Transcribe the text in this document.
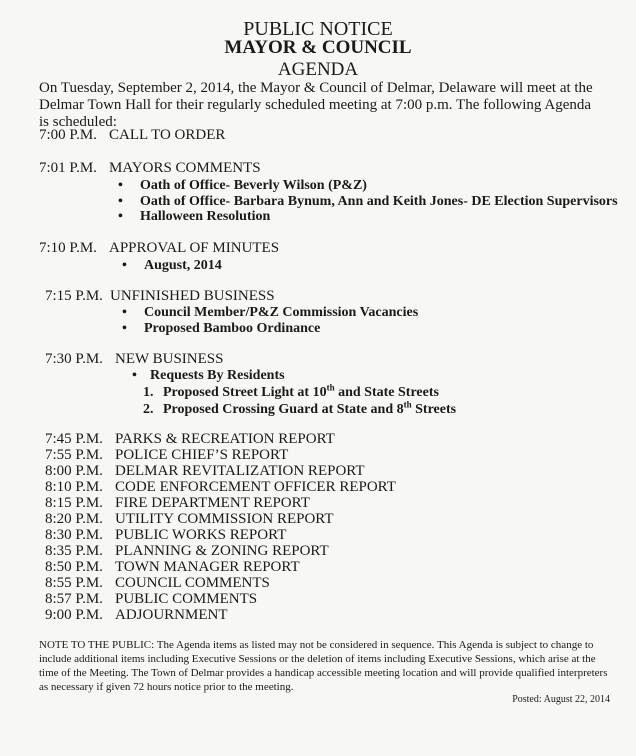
PUBLIC NOTICE
MAYOR & COUNCIL
AGENDA
On Tuesday, September 2, 2014, the Mayor & Council of Delmar, Delaware will meet at the Delmar Town Hall for their regularly scheduled meeting at 7:00 p.m. The following Agenda is scheduled:
7:00 P.M. CALL TO ORDER
7:01 P.M. MAYORS COMMENTS
• Oath of Office- Beverly Wilson (P&Z)
• Oath of Office- Barbara Bynum, Ann and Keith Jones- DE Election Supervisors
• Halloween Resolution
7:10 P.M. APPROVAL OF MINUTES
• August, 2014
7:15 P.M. UNFINISHED BUSINESS
• Council Member/P&Z Commission Vacancies
• Proposed Bamboo Ordinance
7:30 P.M. NEW BUSINESS
• Requests By Residents
1. Proposed Street Light at 10th and State Streets
2. Proposed Crossing Guard at State and 8th Streets
7:45 P.M. PARKS & RECREATION REPORT
7:55 P.M. POLICE CHIEF’S REPORT
8:00 P.M. DELMAR REVITALIZATION REPORT
8:10 P.M. CODE ENFORCEMENT OFFICER REPORT
8:15 P.M. FIRE DEPARTMENT REPORT
8:20 P.M. UTILITY COMMISSION REPORT
8:30 P.M. PUBLIC WORKS REPORT
8:35 P.M. PLANNING & ZONING REPORT
8:50 P.M. TOWN MANAGER REPORT
8:55 P.M. COUNCIL COMMENTS
8:57 P.M. PUBLIC COMMENTS
9:00 P.M. ADJOURNMENT
NOTE TO THE PUBLIC: The Agenda items as listed may not be considered in sequence. This Agenda is subject to change to include additional items including Executive Sessions or the deletion of items including Executive Sessions, which arise at the time of the Meeting. The Town of Delmar provides a handicap accessible meeting location and will provide qualified interpreters as necessary if given 72 hours notice prior to the meeting.
Posted: August 22, 2014
